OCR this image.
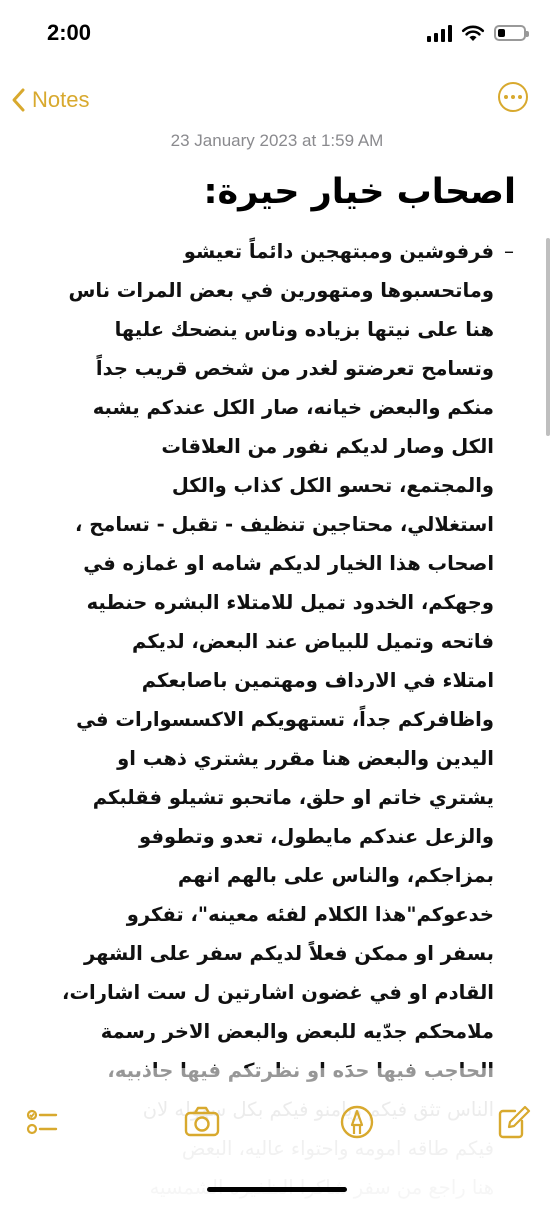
2:00
Notes
23 January 2023 at 1:59 AM
اصحاب خيار حيرة:
–
فرفوشين ومبتهجين دائماً تعيشو
وماتحسبوها ومتهورين في بعض المرات ناس
هنا على نيتها بزياده وناس ينضحك عليها
وتسامح تعرضتو لغدر من شخص قريب جداً
منكم والبعض خيانه، صار الكل عندكم يشبه
الكل وصار لديكم نفور من العلاقات
والمجتمع، تحسو الكل كذاب والكل
استغلالي، محتاجين تنظيف - تقبل - تسامح ،
اصحاب هذا الخيار لديكم شامه او غمازه في
وجهكم، الخدود تميل للامتلاء البشره حنطيه
فاتحه وتميل للبياض عند البعض، لديكم
امتلاء في الارداف ومهتمين باصابعكم
واظافركم جداً، تستهويكم الاكسسوارات في
اليدين والبعض هنا مقرر يشتري ذهب او
يشتري خاتم او حلق، ماتحبو تشيلو فقلبكم
والزعل عندكم مايطول، تعدو وتطوفو
بمزاجكم، والناس على بالهم انهم
خدعوكم"هذا الكلام لفئه معينه"، تفكرو
بسفر او ممكن فعلاً لديكم سفر على الشهر
القادم او في غضون اشارتين ل ست اشارات،
ملامحكم جدّيه للبعض والبعض الاخر رسمة
